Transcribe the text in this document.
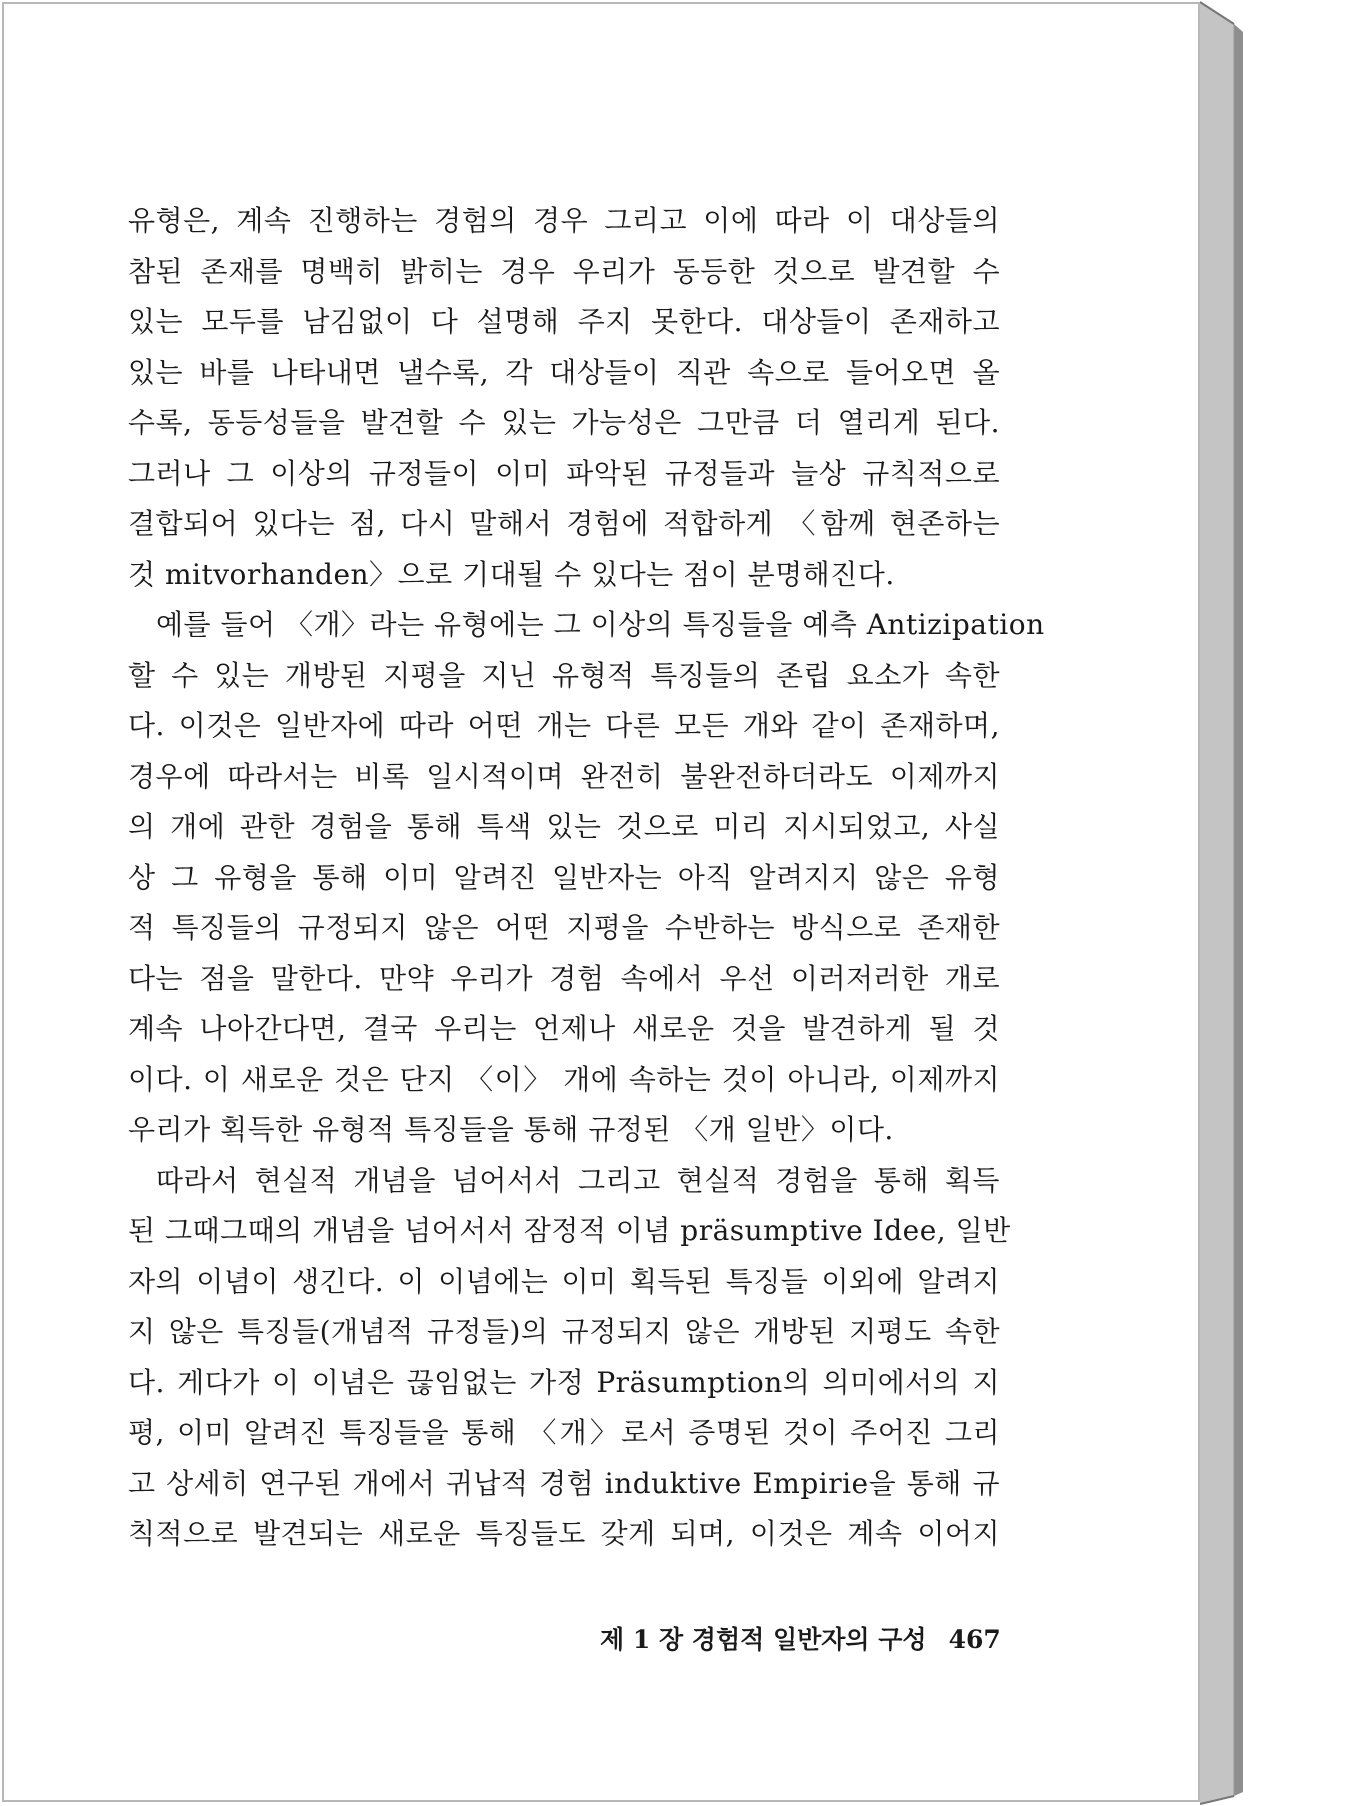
유형은, 계속 진행하는 경험의 경우 그리고 이에 따라 이 대상들의
참된 존재를 명백히 밝히는 경우 우리가 동등한 것으로 발견할 수
있는 모두를 남김없이 다 설명해 주지 못한다. 대상들이 존재하고
있는 바를 나타내면 낼수록, 각 대상들이 직관 속으로 들어오면 올
수록, 동등성들을 발견할 수 있는 가능성은 그만큼 더 열리게 된다.
그러나 그 이상의 규정들이 이미 파악된 규정들과 늘상 규칙적으로
결합되어 있다는 점, 다시 말해서 경험에 적합하게 〈함께 현존하는
것 mitvorhanden〉으로 기대될 수 있다는 점이 분명해진다.
예를 들어 〈개〉라는 유형에는 그 이상의 특징들을 예측 Antizipation
할 수 있는 개방된 지평을 지닌 유형적 특징들의 존립 요소가 속한
다. 이것은 일반자에 따라 어떤 개는 다른 모든 개와 같이 존재하며,
경우에 따라서는 비록 일시적이며 완전히 불완전하더라도 이제까지
의 개에 관한 경험을 통해 특색 있는 것으로 미리 지시되었고, 사실
상 그 유형을 통해 이미 알려진 일반자는 아직 알려지지 않은 유형
적 특징들의 규정되지 않은 어떤 지평을 수반하는 방식으로 존재한
다는 점을 말한다. 만약 우리가 경험 속에서 우선 이러저러한 개로
계속 나아간다면, 결국 우리는 언제나 새로운 것을 발견하게 될 것
이다. 이 새로운 것은 단지 〈이〉 개에 속하는 것이 아니라, 이제까지
우리가 획득한 유형적 특징들을 통해 규정된 〈개 일반〉이다.
따라서 현실적 개념을 넘어서서 그리고 현실적 경험을 통해 획득
된 그때그때의 개념을 넘어서서 잠정적 이념 präsumptive Idee, 일반
자의 이념이 생긴다. 이 이념에는 이미 획득된 특징들 이외에 알려지
지 않은 특징들(개념적 규정들)의 규정되지 않은 개방된 지평도 속한
다. 게다가 이 이념은 끊임없는 가정 Präsumption의 의미에서의 지
평, 이미 알려진 특징들을 통해 〈개〉로서 증명된 것이 주어진 그리
고 상세히 연구된 개에서 귀납적 경험 induktive Empirie을 통해 규
칙적으로 발견되는 새로운 특징들도 갖게 되며, 이것은 계속 이어지
제 1 장 경험적 일반자의 구성 467
